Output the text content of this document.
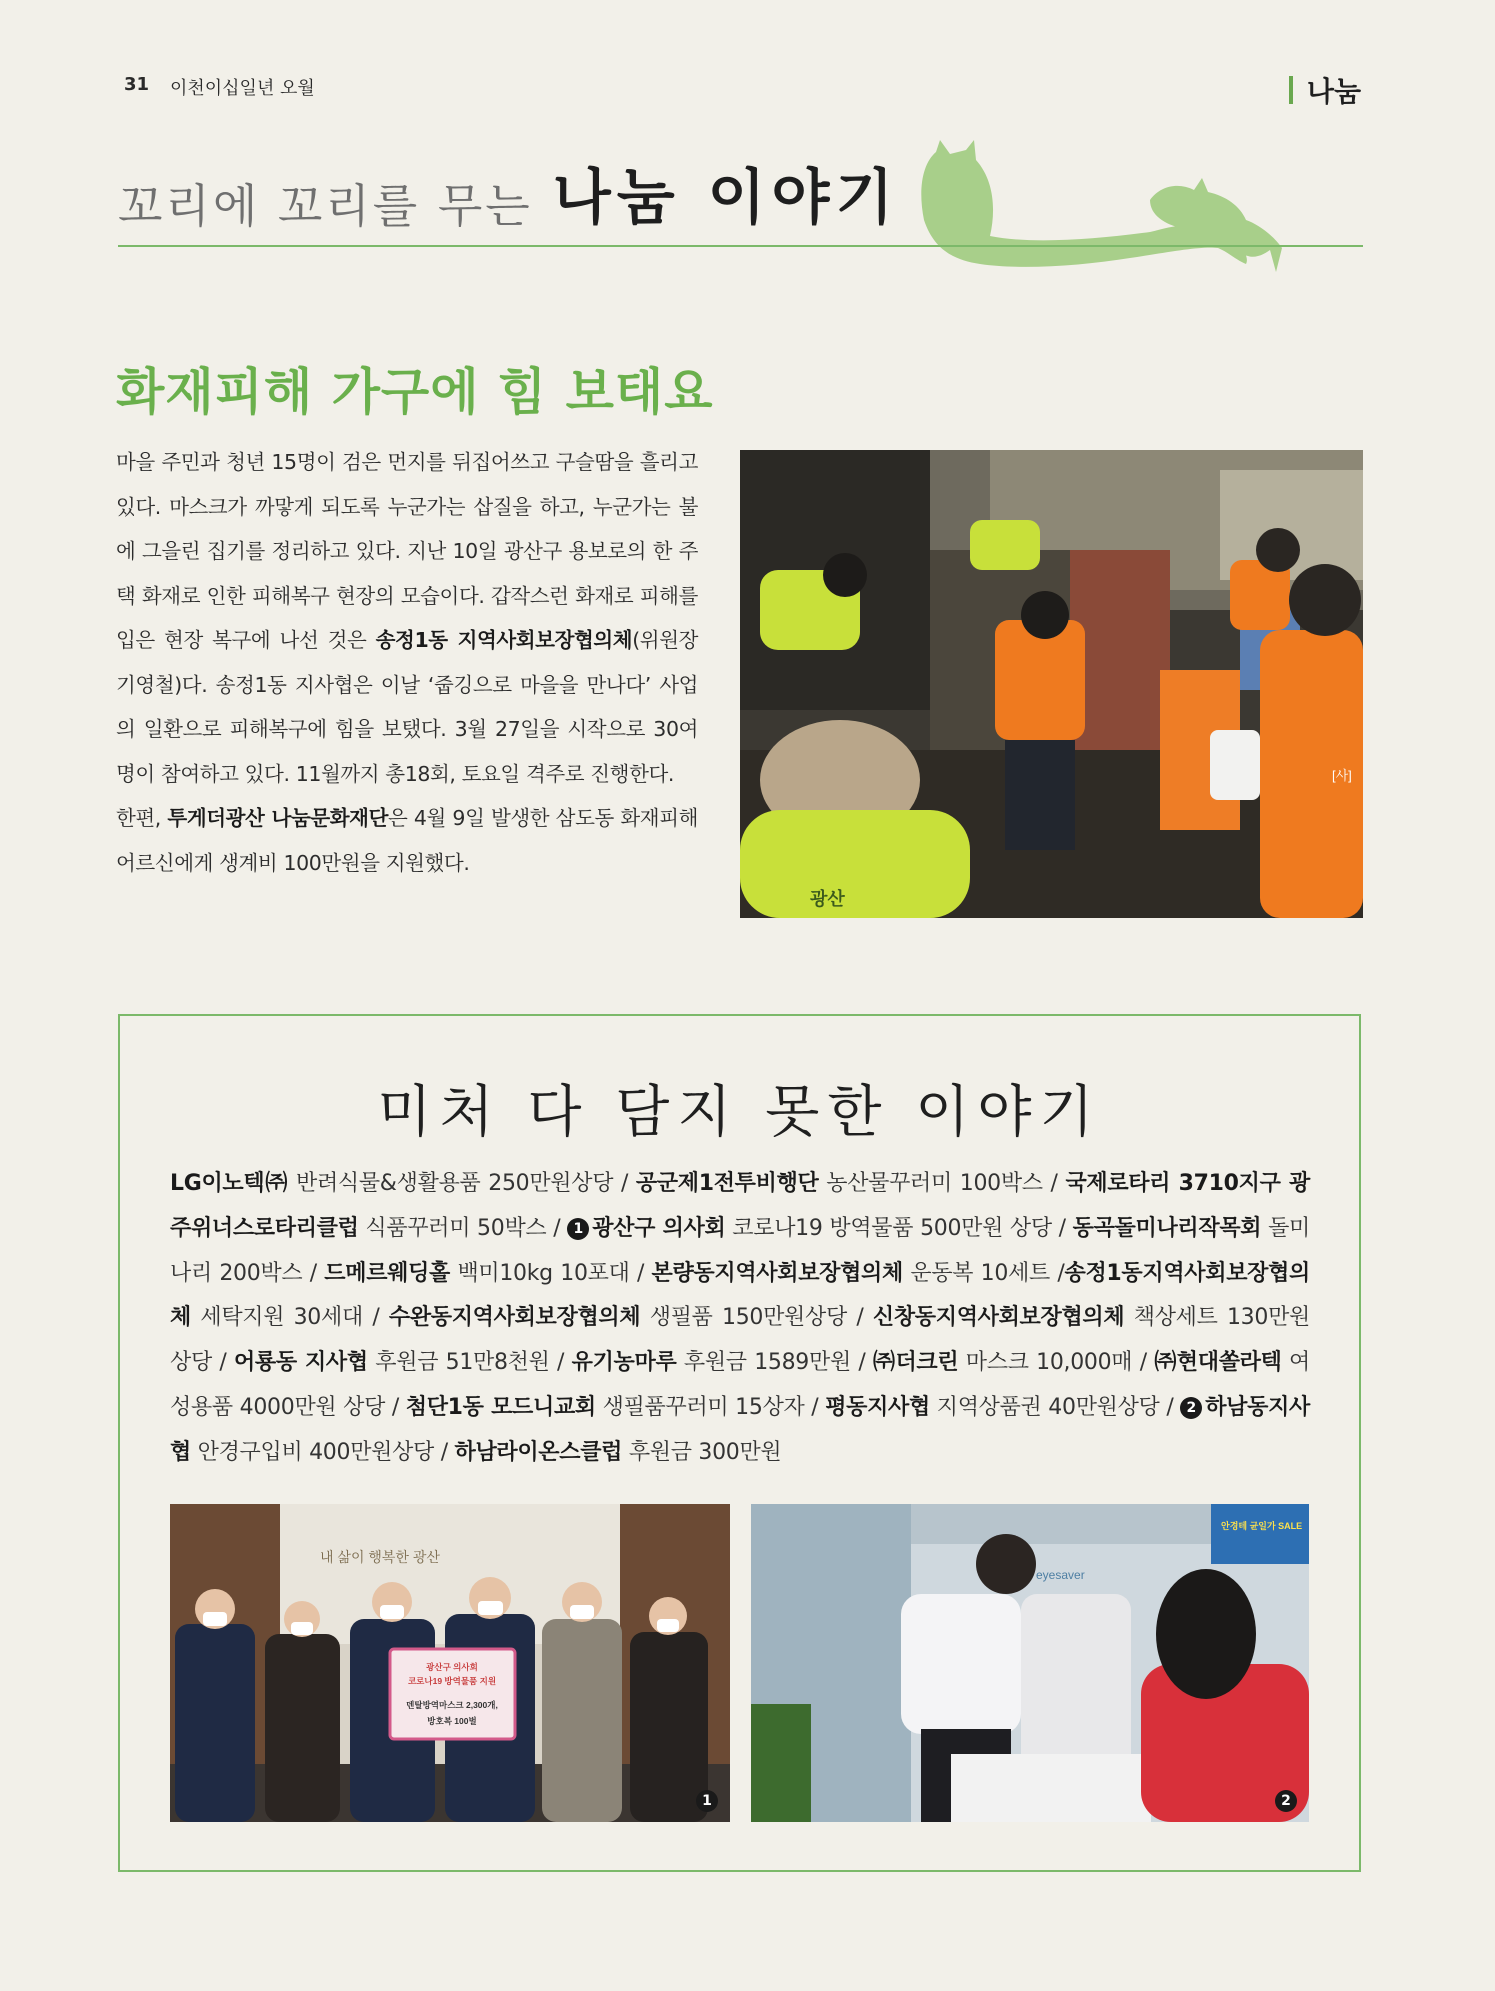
31 이천이십일년 오월	나눔
꼬리에 꼬리를 무는 나눔 이야기
화재피해 가구에 힘 보태요
마을 주민과 청년 15명이 검은 먼지를 뒤집어쓰고 구슬땀을 흘리고 있다. 마스크가 까맣게 되도록 누군가는 삽질을 하고, 누군가는 불에 그을린 집기를 정리하고 있다. 지난 10일 광산구 용보로의 한 주택 화재로 인한 피해복구 현장의 모습이다. 갑작스런 화재로 피해를 입은 현장 복구에 나선 것은 송정1동 지역사회보장협의체(위원장 기영철)다. 송정1동 지사협은 이날 ‘줍깅으로 마을을 만나다’ 사업의 일환으로 피해복구에 힘을 보탰다. 3월 27일을 시작으로 30여 명이 참여하고 있다. 11월까지 총18회, 토요일 격주로 진행한다.
한편, 투게더광산 나눔문화재단은 4월 9일 발생한 삼도동 화재피해 어르신에게 생계비 100만원을 지원했다.
광산
[사]
미처 다 담지 못한 이야기
LG이노텍㈜ 반려식물&생활용품 250만원상당 / 공군제1전투비행단 농산물꾸러미 100박스 / 국제로타리 3710지구 광주위너스로타리클럽 식품꾸러미 50박스 / 1 광산구 의사회 코로나19 방역물품 500만원 상당 / 동곡돌미나리작목회 돌미나리 200박스 / 드메르웨딩홀 백미10kg 10포대 / 본량동지역사회보장협의체 운동복 10세트 /송정1동지역사회보장협의체 세탁지원 30세대 / 수완동지역사회보장협의체 생필품 150만원상당 / 신창동지역사회보장협의체 책상세트 130만원 상당 / 어룡동 지사협 후원금 51만8천원 / 유기농마루 후원금 1589만원 / ㈜더크린 마스크 10,000매 / ㈜현대쏠라텍 여성용품 4000만원 상당 / 첨단1동 모드니교회 생필품꾸러미 15상자 / 평동지사협 지역상품권 40만원상당 / 2 하남동지사협 안경구입비 400만원상당 / 하남라이온스클럽 후원금 300만원
내 삶이 행복한 광산
광산구 의사회
코로나19 방역물품 지원
덴탈방역마스크 2,300개,
방호복 100벌
1
안경테 균일가 SALE
eyesaver
2
